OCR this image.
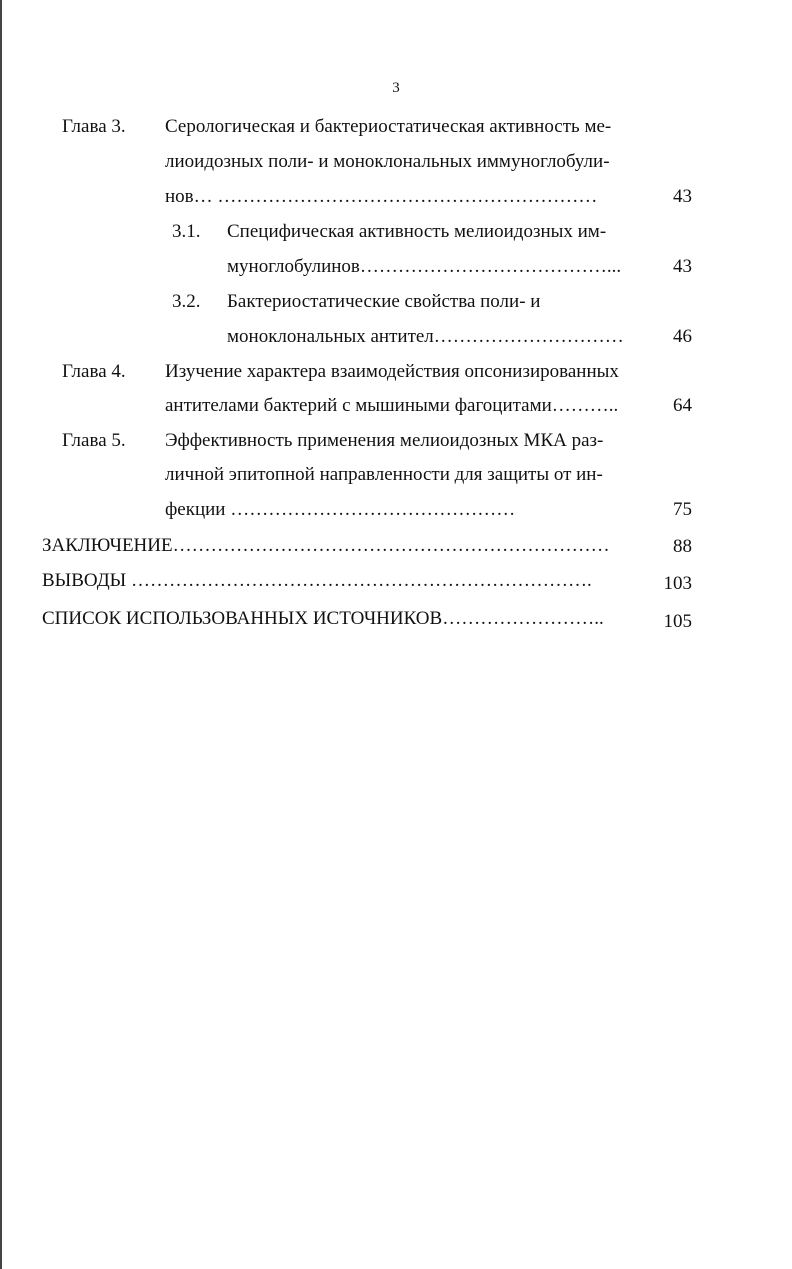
3
Глава 3. Серологическая и бактериостатическая активность ме-
лиоидозных поли- и моноклональных иммуноглобули-
нов… ……………………………………………………	43
3.1. Специфическая активность мелиоидозных им-
муноглобулинов…………………………………...	43
3.2. Бактериостатические свойства поли- и
моноклональных антител…………………………	46
Глава 4. Изучение характера взаимодействия опсонизированных
антителами бактерий с мышиными фагоцитами………..	64
Глава 5. Эффективность применения мелиоидозных МКА раз-
личной эпитопной направленности для защиты от ин-
фекции ………………………………………	75
ЗАКЛЮЧЕНИЕ……………………………………………………………	88
ВЫВОДЫ ……………………………………………………………….	103
СПИСОК ИСПОЛЬЗОВАННЫХ ИСТОЧНИКОВ……………………..	105
